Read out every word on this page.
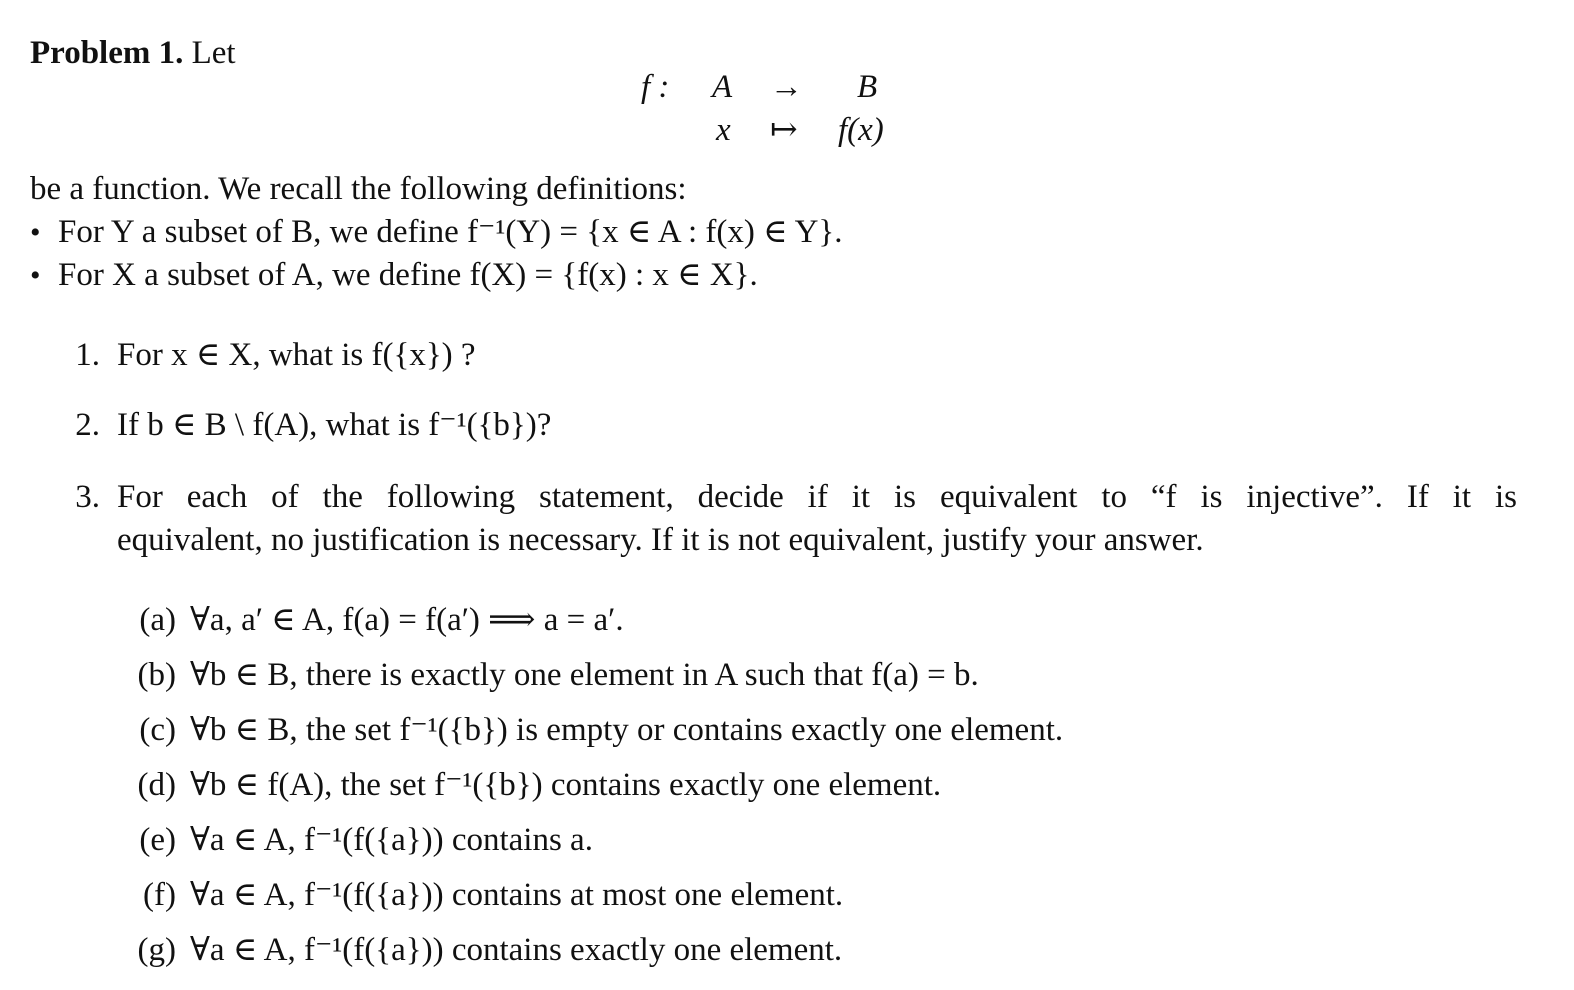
Problem 1. Let
f : A → B
x ↦ f(x)
be a function. We recall the following definitions:
• For Y a subset of B, we define f⁻¹(Y) = {x ∈ A : f(x) ∈ Y}.
• For X a subset of A, we define f(X) = {f(x) : x ∈ X}.
1. For x ∈ X, what is f({x}) ?
2. If b ∈ B \ f(A), what is f⁻¹({b})?
3. For each of the following statement, decide if it is equivalent to “f is injective”. If it is
equivalent, no justification is necessary. If it is not equivalent, justify your answer.
(a) ∀a, a′ ∈ A, f(a) = f(a′) ⟹ a = a′.
(b) ∀b ∈ B, there is exactly one element in A such that f(a) = b.
(c) ∀b ∈ B, the set f⁻¹({b}) is empty or contains exactly one element.
(d) ∀b ∈ f(A), the set f⁻¹({b}) contains exactly one element.
(e) ∀a ∈ A, f⁻¹(f({a})) contains a.
(f) ∀a ∈ A, f⁻¹(f({a})) contains at most one element.
(g) ∀a ∈ A, f⁻¹(f({a})) contains exactly one element.
